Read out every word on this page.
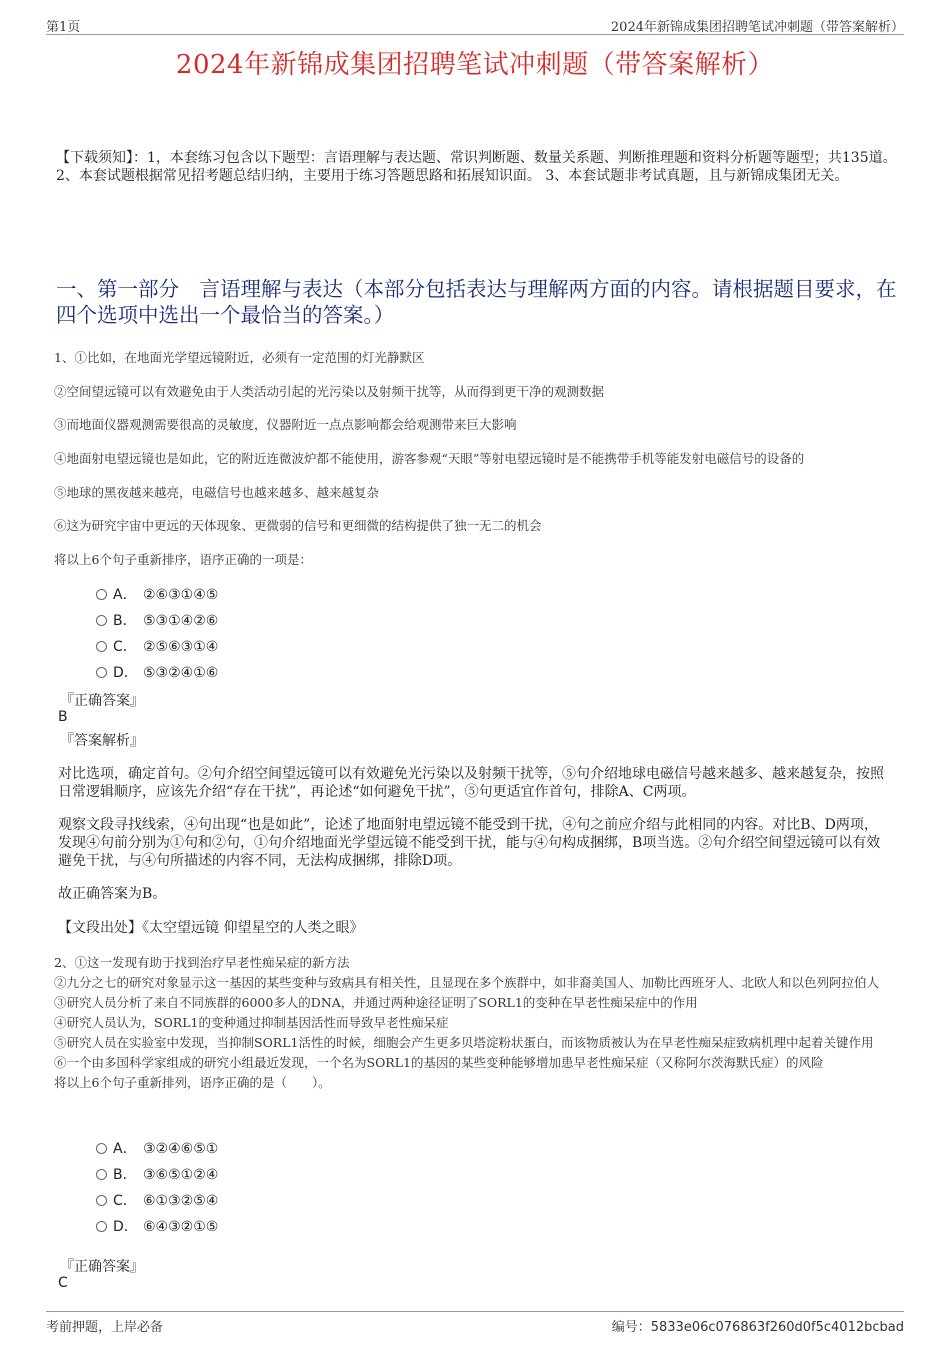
第1页	2024年新锦成集团招聘笔试冲刺题（带答案解析）
2024年新锦成集团招聘笔试冲刺题（带答案解析）
【下载须知】：1，本套练习包含以下题型：言语理解与表达题、常识判断题、数量关系题、判断推理题和资料分析题等题型；共135道。 2、本套试题根据常见招考题总结归纳，主要用于练习答题思路和拓展知识面。 3、本套试题非考试真题，且与新锦成集团无关。
一、第一部分　言语理解与表达（本部分包括表达与理解两方面的内容。请根据题目要求，在四个选项中选出一个最恰当的答案。）
1、①比如，在地面光学望远镜附近，必须有一定范围的灯光静默区
②空间望远镜可以有效避免由于人类活动引起的光污染以及射频干扰等，从而得到更干净的观测数据
③而地面仪器观测需要很高的灵敏度，仪器附近一点点影响都会给观测带来巨大影响
④地面射电望远镜也是如此，它的附近连微波炉都不能使用，游客参观“天眼”等射电望远镜时是不能携带手机等能发射电磁信号的设备的
⑤地球的黑夜越来越亮，电磁信号也越来越多、越来越复杂
⑥这为研究宇宙中更远的天体现象、更微弱的信号和更细微的结构提供了独一无二的机会
将以上6个句子重新排序，语序正确的一项是：
A． ②⑥③①④⑤
B． ⑤③①④②⑥
C． ②⑤⑥③①④
D． ⑤③②④①⑥
『正确答案』
B
『答案解析』
对比选项，确定首句。②句介绍空间望远镜可以有效避免光污染以及射频干扰等，⑤句介绍地球电磁信号越来越多、越来越复杂，按照日常逻辑顺序，应该先介绍“存在干扰”，再论述“如何避免干扰”，⑤句更适宜作首句，排除A、C两项。
观察文段寻找线索，④句出现“也是如此”，论述了地面射电望远镜不能受到干扰，④句之前应介绍与此相同的内容。对比B、D两项，发现④句前分别为①句和②句，①句介绍地面光学望远镜不能受到干扰，能与④句构成捆绑，B项当选。②句介绍空间望远镜可以有效避免干扰，与④句所描述的内容不同，无法构成捆绑，排除D项。
故正确答案为B。
【文段出处】《太空望远镜 仰望星空的人类之眼》
2、①这一发现有助于找到治疗早老性痴呆症的新方法
②九分之七的研究对象显示这一基因的某些变种与致病具有相关性，且显现在多个族群中，如非裔美国人、加勒比西班牙人、北欧人和以色列阿拉伯人
③研究人员分析了来自不同族群的6000多人的DNA，并通过两种途径证明了SORL1的变种在早老性痴呆症中的作用
④研究人员认为，SORL1的变种通过抑制基因活性而导致早老性痴呆症
⑤研究人员在实验室中发现，当抑制SORL1活性的时候，细胞会产生更多贝塔淀粉状蛋白，而该物质被认为在早老性痴呆症致病机理中起着关键作用
⑥一个由多国科学家组成的研究小组最近发现，一个名为SORL1的基因的某些变种能够增加患早老性痴呆症（又称阿尔茨海默氏症）的风险
将以上6个句子重新排列，语序正确的是（　　）。
A． ③②④⑥⑤①
B． ③⑥⑤①②④
C． ⑥①③②⑤④
D． ⑥④③②①⑤
『正确答案』
C
考前押题，上岸必备	编号：5833e06c076863f260d0f5c4012bcbad
